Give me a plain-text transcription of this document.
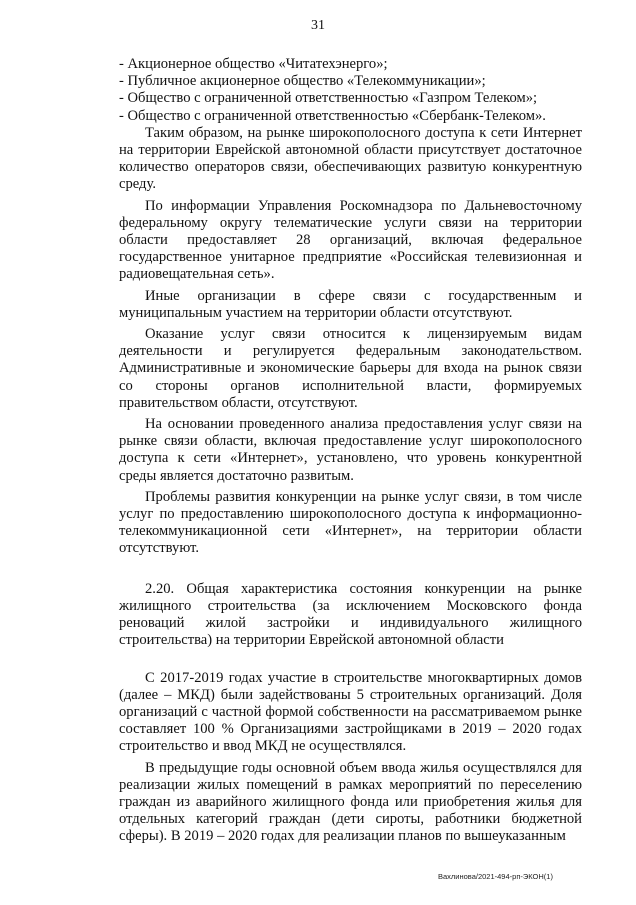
31

- Акционерное общество «Читатехэнерго»;

- Публичное акционерное общество «Телекоммуникации»;

- Общество с ограниченной ответственностью «Газпром Телеком»;

- Общество с ограниченной ответственностью «Сбербанк-Телеком».

Таким образом, на рынке широкополосного доступа к сети Интернет на территории Еврейской автономной области присутствует достаточное количество операторов связи, обеспечивающих развитую конкурентную среду.

По информации Управления Роскомнадзора по Дальневосточному федеральному округу телематические услуги связи на территории области предоставляет 28 организаций, включая федеральное государственное унитарное предприятие «Российская телевизионная и радиовещательная сеть».

Иные организации в сфере связи с государственным и муниципальным участием на территории области отсутствуют.

Оказание услуг связи относится к лицензируемым видам деятельности и регулируется федеральным законодательством. Административные и экономические барьеры для входа на рынок связи со стороны органов исполнительной власти, формируемых правительством области, отсутствуют.

На основании проведенного анализа предоставления услуг связи на рынке связи области, включая предоставление услуг широкополосного доступа к сети «Интернет», установлено, что уровень конкурентной среды является достаточно развитым.

Проблемы развития конкуренции на рынке услуг связи, в том числе услуг по предоставлению широкополосного доступа к информационно-телекоммуникационной сети «Интернет», на территории области отсутствуют.

2.20. Общая характеристика состояния конкуренции на рынке жилищного строительства (за исключением Московского фонда реноваций жилой застройки и индивидуального жилищного строительства) на территории Еврейской автономной области

С 2017-2019 годах участие в строительстве многоквартирных домов (далее – МКД) были задействованы 5 строительных организаций. Доля организаций с частной формой собственности на рассматриваемом рынке составляет 100 % Организациями застройщиками в 2019 – 2020 годах строительство и ввод МКД не осуществлялся.

В предыдущие годы основной объем ввода жилья осуществлялся для реализации жилых помещений в рамках мероприятий по переселению граждан из аварийного жилищного фонда или приобретения жилья для отдельных категорий граждан (дети сироты, работники бюджетной сферы). В 2019 – 2020 годах для реализации планов по вышеуказанным

Вахлинова/2021-494-рп-ЭКОН(1)
